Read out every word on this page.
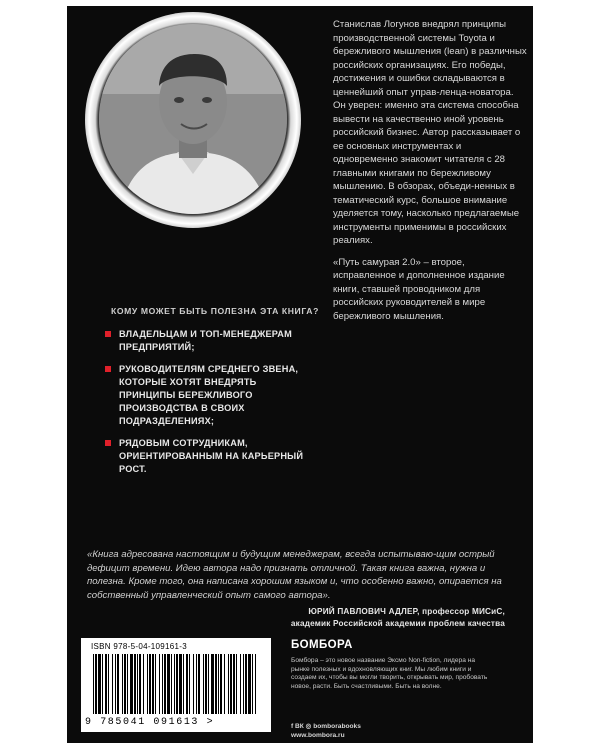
Станислав Логунов внедрял принципы производственной системы Toyota и бережливого мышления (lean) в различных российских организациях. Его победы, достижения и ошибки складываются в ценнейший опыт управ-ленца-новатора. Он уверен: именно эта система способна вывести на качественно иной уровень российский бизнес. Автор рассказывает о ее основных инструментах и одновременно знакомит читателя с 28 главными книгами по бережливому мышлению. В обзорах, объеди-ненных в тематический курс, большое внимание уделяется тому, насколько предлагаемые инструменты применимы в российских реалиях.

«Путь самурая 2.0» – второе, исправленное и дополненное издание книги, ставшей проводником для российских руководителей в мире бережливого мышления.

КОМУ МОЖЕТ БЫТЬ ПОЛЕЗНА ЭТА КНИГА?
ВЛАДЕЛЬЦАМ И ТОП-МЕНЕДЖЕРАМ ПРЕДПРИЯТИЙ;
РУКОВОДИТЕЛЯМ СРЕДНЕГО ЗВЕНА, КОТОРЫЕ ХОТЯТ ВНЕДРЯТЬ ПРИНЦИПЫ БЕРЕЖЛИВОГО ПРОИЗВОДСТВА В СВОИХ ПОДРАЗДЕЛЕНИЯХ;
РЯДОВЫМ СОТРУДНИКАМ, ОРИЕНТИРОВАННЫМ НА КАРЬЕРНЫЙ РОСТ.
«Книга адресована настоящим и будущим менеджерам, всегда испытываю-щим острый дефицит времени. Идею автора надо признать отличной. Такая книга важна, нужна и полезна. Кроме того, она написана хорошим языком и, что особенно важно, опирается на собственный управленческий опыт самого автора».
ЮРИЙ ПАВЛОВИЧ АДЛЕР, профессор МИСиС,
академик Российской академии проблем качества
ISBN 978-5-04-109161-3
9 785041 091613 >
БОМБОРА
Бомбора – это новое название Эксмо Non-fiction, лидера на рынке полезных и вдохновляющих книг. Мы любим книги и создаем их, чтобы вы могли творить, открывать мир, пробовать новое, расти. Быть счастливыми. Быть на волне.
f ВК ◎ bomborabooks
www.bombora.ru
